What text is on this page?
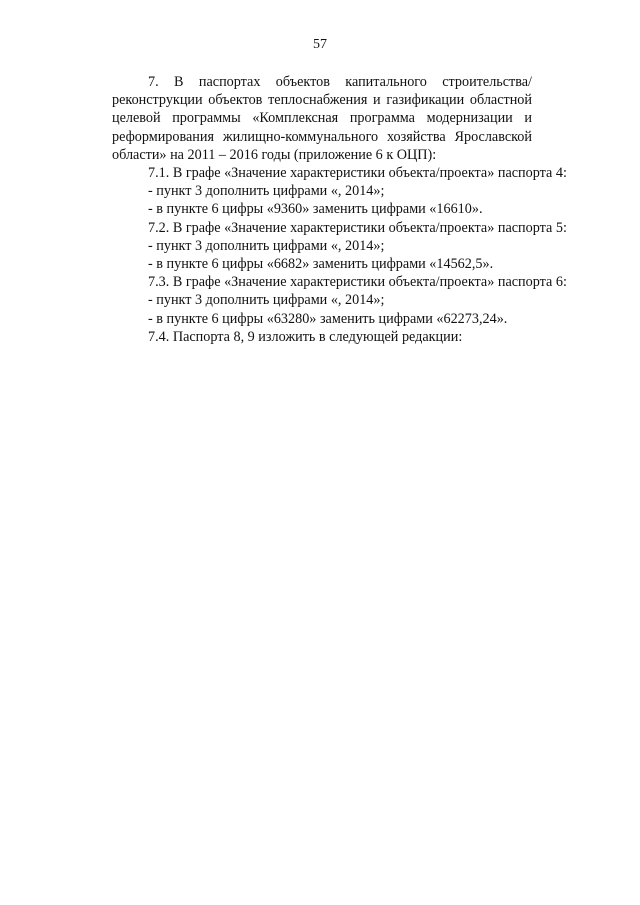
57

7. В паспортах объектов капитального строительства/реконструкции объектов теплоснабжения и газификации областной целевой программы «Комплексная программа модернизации и реформирования жилищно-коммунального хозяйства Ярославской области» на 2011 – 2016 годы (приложение 6 к ОЦП):

7.1. В графе «Значение характеристики объекта/проекта» паспорта 4:

- пункт 3 дополнить цифрами «, 2014»;

- в пункте 6 цифры «9360» заменить цифрами «16610».

7.2. В графе «Значение характеристики объекта/проекта» паспорта 5:

- пункт 3 дополнить цифрами «, 2014»;

- в пункте 6 цифры «6682» заменить цифрами «14562,5».

7.3. В графе «Значение характеристики объекта/проекта» паспорта 6:

- пункт 3 дополнить цифрами «, 2014»;

- в пункте 6 цифры «63280» заменить цифрами «62273,24».

7.4. Паспорта 8, 9 изложить в следующей редакции:
